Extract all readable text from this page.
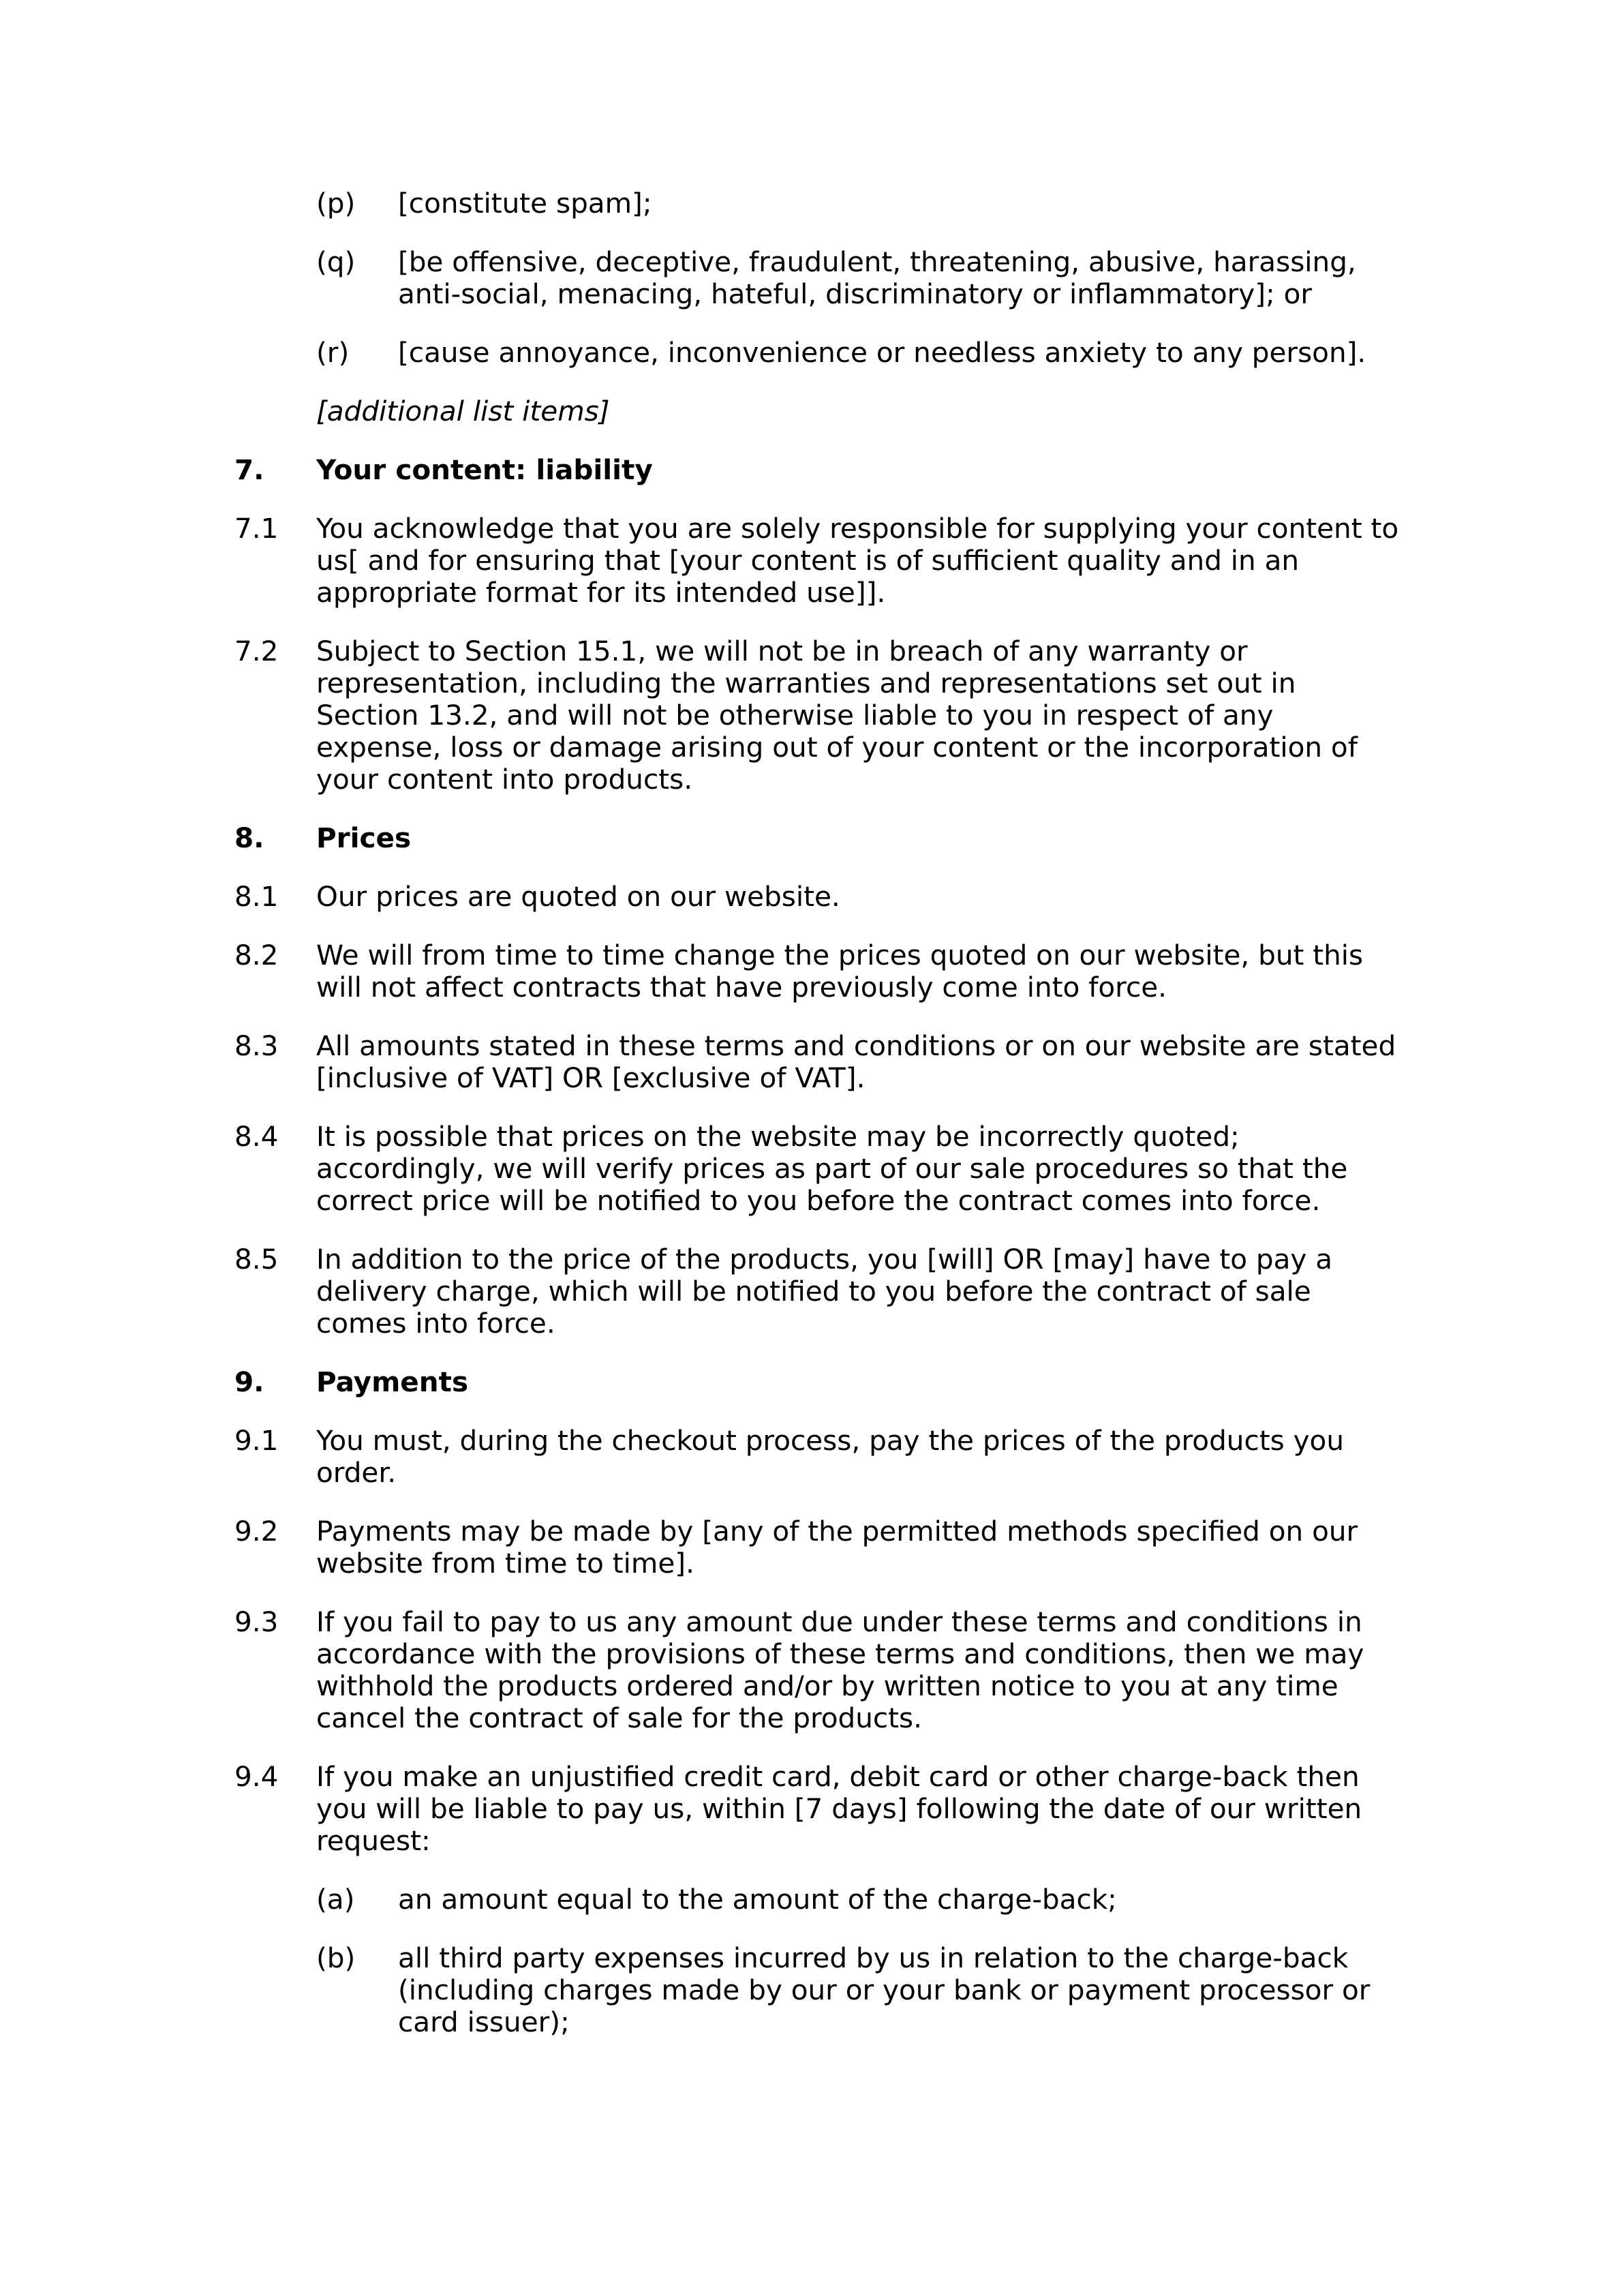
(p) [constitute spam];
(q) [be offensive, deceptive, fraudulent, threatening, abusive, harassing, anti-social, menacing, hateful, discriminatory or inflammatory]; or
(r) [cause annoyance, inconvenience or needless anxiety to any person].
[additional list items]
7. Your content: liability
7.1 You acknowledge that you are solely responsible for supplying your content to us[ and for ensuring that [your content is of sufficient quality and in an appropriate format for its intended use]].
7.2 Subject to Section 15.1, we will not be in breach of any warranty or representation, including the warranties and representations set out in Section 13.2, and will not be otherwise liable to you in respect of any expense, loss or damage arising out of your content or the incorporation of your content into products.
8. Prices
8.1 Our prices are quoted on our website.
8.2 We will from time to time change the prices quoted on our website, but this will not affect contracts that have previously come into force.
8.3 All amounts stated in these terms and conditions or on our website are stated [inclusive of VAT] OR [exclusive of VAT].
8.4 It is possible that prices on the website may be incorrectly quoted; accordingly, we will verify prices as part of our sale procedures so that the correct price will be notified to you before the contract comes into force.
8.5 In addition to the price of the products, you [will] OR [may] have to pay a delivery charge, which will be notified to you before the contract of sale comes into force.
9. Payments
9.1 You must, during the checkout process, pay the prices of the products you order.
9.2 Payments may be made by [any of the permitted methods specified on our website from time to time].
9.3 If you fail to pay to us any amount due under these terms and conditions in accordance with the provisions of these terms and conditions, then we may withhold the products ordered and/or by written notice to you at any time cancel the contract of sale for the products.
9.4 If you make an unjustified credit card, debit card or other charge-back then you will be liable to pay us, within [7 days] following the date of our written request:
(a) an amount equal to the amount of the charge-back;
(b) all third party expenses incurred by us in relation to the charge-back (including charges made by our or your bank or payment processor or card issuer);
